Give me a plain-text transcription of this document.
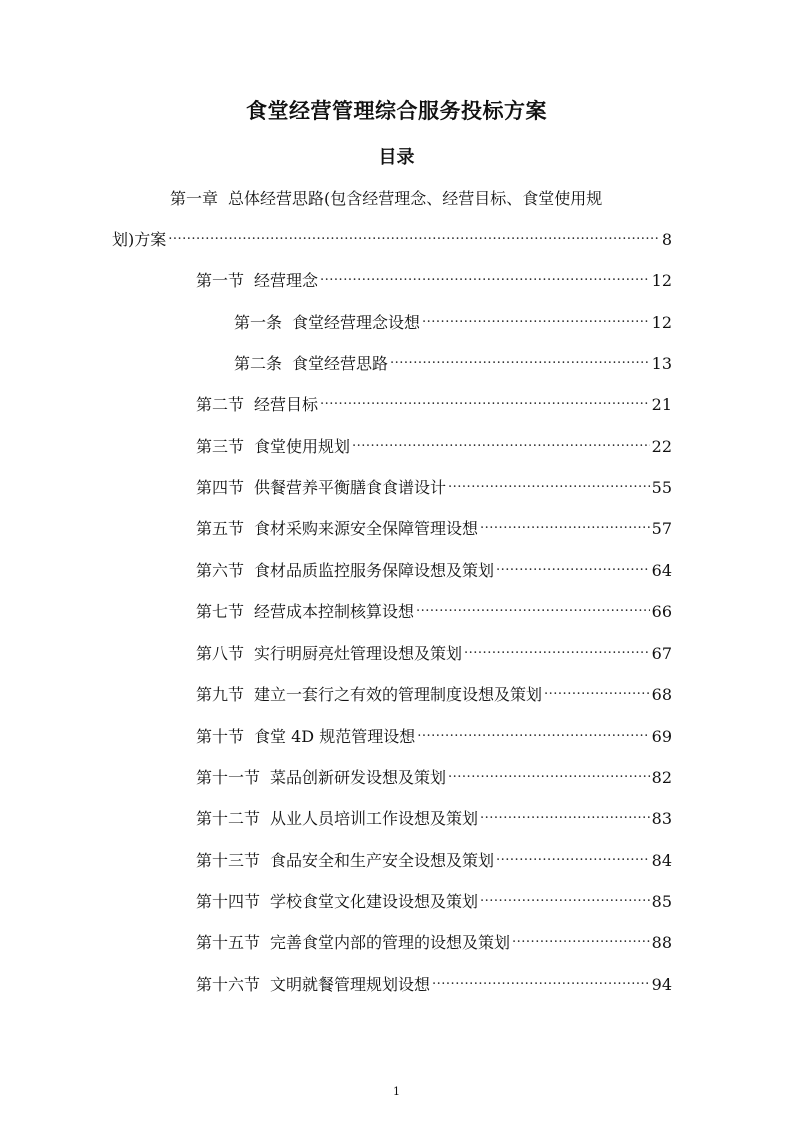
食堂经营管理综合服务投标方案
目录
第一章 总体经营思路(包含经营理念、经营目标、食堂使用规
划)方案 .....	8
第一节 经营理念 .....	12
第一条 食堂经营理念设想 .....	12
第二条 食堂经营思路 .....	13
第二节 经营目标 .....	21
第三节 食堂使用规划 .....	22
第四节 供餐营养平衡膳食食谱设计 .....	55
第五节 食材采购来源安全保障管理设想 .....	57
第六节 食材品质监控服务保障设想及策划 .....	64
第七节 经营成本控制核算设想 .....	66
第八节 实行明厨亮灶管理设想及策划 .....	67
第九节 建立一套行之有效的管理制度设想及策划 .....	68
第十节 食堂 4D 规范管理设想 .....	69
第十一节 菜品创新研发设想及策划 .....	82
第十二节 从业人员培训工作设想及策划 .....	83
第十三节 食品安全和生产安全设想及策划 .....	84
第十四节 学校食堂文化建设设想及策划 .....	85
第十五节 完善食堂内部的管理的设想及策划 .....	88
第十六节 文明就餐管理规划设想 .....	94
1
